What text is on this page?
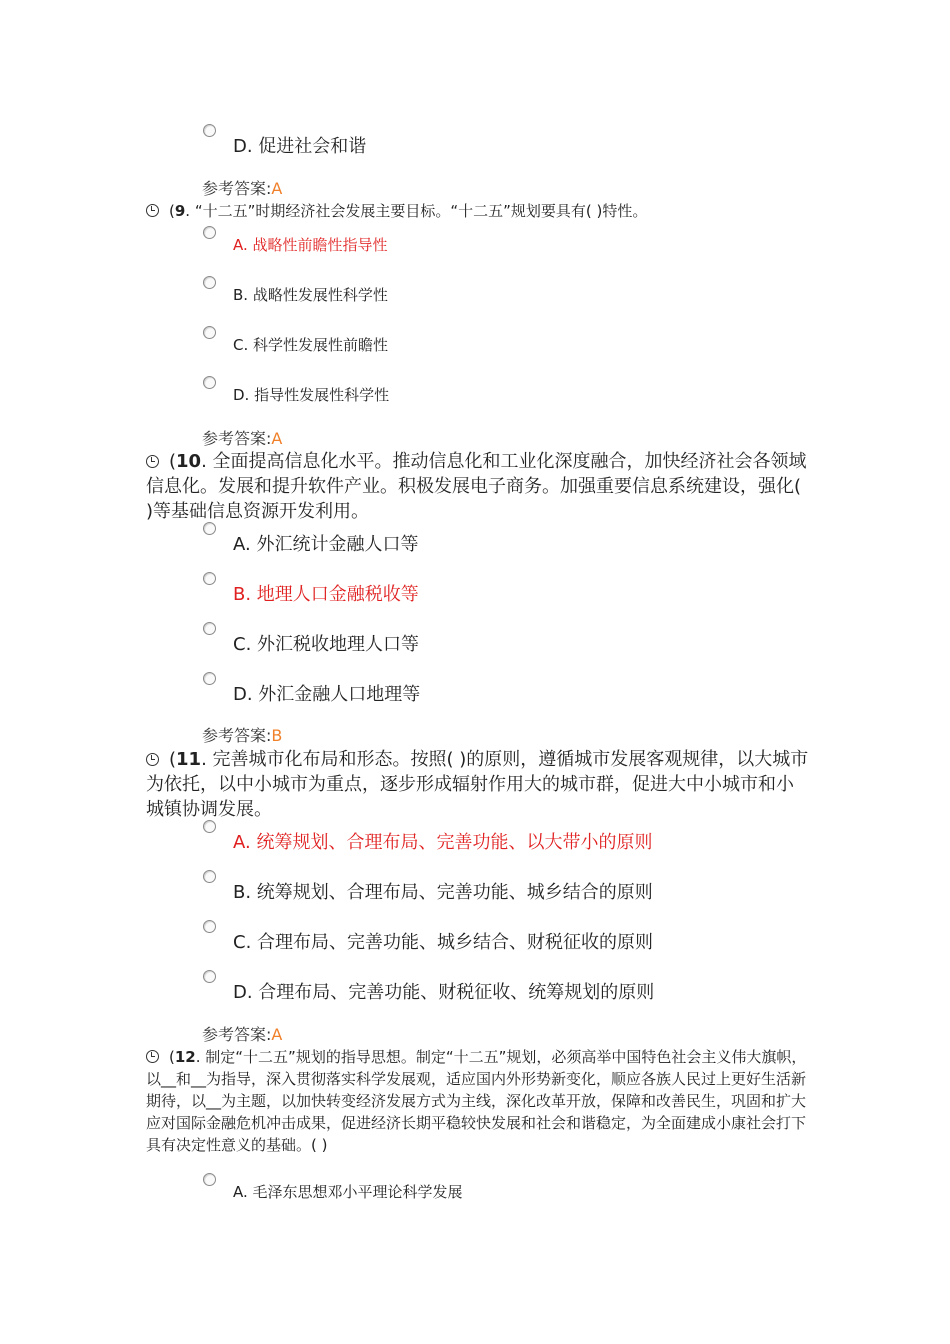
D. 促进社会和谐
参考答案:A
(9. “十二五”时期经济社会发展主要目标。“十二五”规划要具有( )特性。
A. 战略性前瞻性指导性
B. 战略性发展性科学性
C. 科学性发展性前瞻性
D. 指导性发展性科学性
参考答案:A
(10. 全面提高信息化水平。推动信息化和工业化深度融合，加快经济社会各领域信息化。发展和提升软件产业。积极发展电子商务。加强重要信息系统建设，强化( )等基础信息资源开发利用。
A. 外汇统计金融人口等
B. 地理人口金融税收等
C. 外汇税收地理人口等
D. 外汇金融人口地理等
参考答案:B
(11. 完善城市化布局和形态。按照( )的原则，遵循城市发展客观规律，以大城市为依托，以中小城市为重点，逐步形成辐射作用大的城市群，促进大中小城市和小城镇协调发展。
A. 统筹规划、合理布局、完善功能、以大带小的原则
B. 统筹规划、合理布局、完善功能、城乡结合的原则
C. 合理布局、完善功能、城乡结合、财税征收的原则
D. 合理布局、完善功能、财税征收、统筹规划的原则
参考答案:A
(12. 制定“十二五”规划的指导思想。制定“十二五”规划，必须高举中国特色社会主义伟大旗帜，以__和__为指导，深入贯彻落实科学发展观，适应国内外形势新变化，顺应各族人民过上更好生活新期待，以__为主题，以加快转变经济发展方式为主线，深化改革开放，保障和改善民生，巩固和扩大应对国际金融危机冲击成果，促进经济长期平稳较快发展和社会和谐稳定，为全面建成小康社会打下具有决定性意义的基础。( )
A. 毛泽东思想邓小平理论科学发展
